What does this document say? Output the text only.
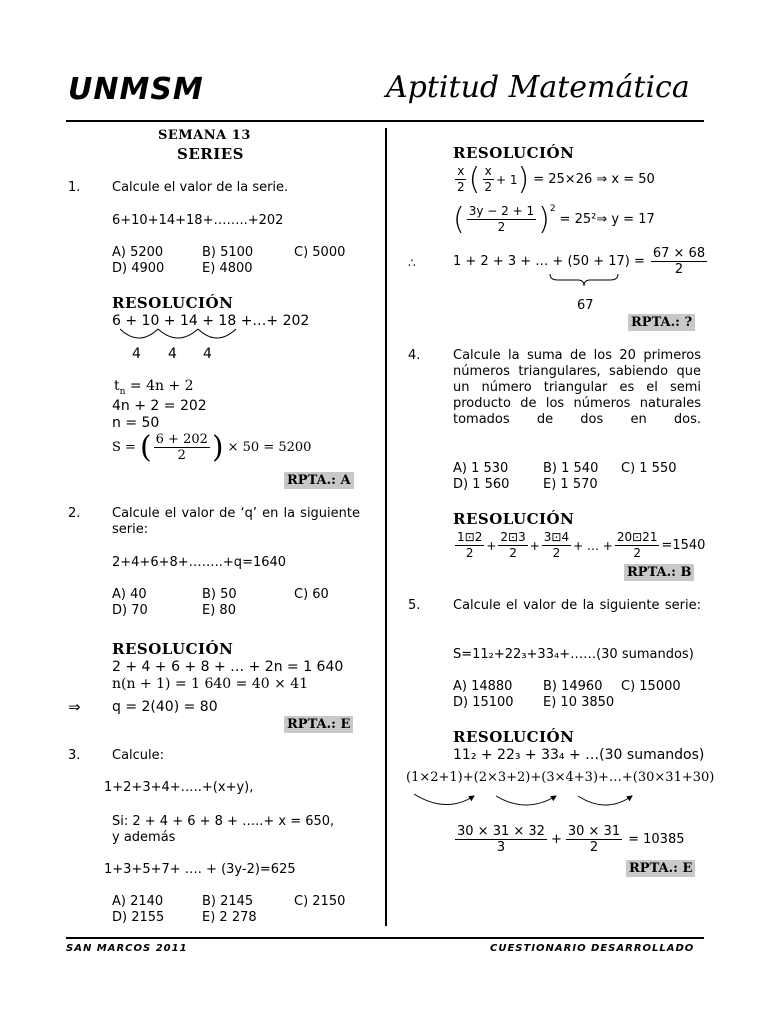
UNMSM	Aptitud Matemática
SEMANA 13
SERIES
1. Calcule el valor de la serie.
6+10+14+18+……..+202
A) 5200	B) 5100	C) 5000
D) 4900	E) 4800
RESOLUCIÓN
6 + 10 + 14 + 18 +…+ 202
4 4 4
$t_n = 4n + 2$
4n + 2 = 202
n = 50
S = ( $\frac{6 + 202}{2}$ ) × 50 = 5200
RPTA.: A
2. Calcule el valor de ‘q’ en la siguiente serie:
2+4+6+8+……..+q=1640
A) 40	B) 50	C) 60
D) 70	E) 80
RESOLUCIÓN
2 + 4 + 6 + 8 + … + 2n = 1 640
n(n + 1) = 1 640 = 40 × 41
⇒ q = 2(40) = 80
RPTA.: E
3. Calcule:
1+2+3+4+…..+(x+y),
Si: 2 + 4 + 6 + 8 + …..+ x = 650,
y además
1+3+5+7+ …. + (3y-2)=625
A) 2140	B) 2145	C) 2150
D) 2155	E) 2 278
RESOLUCIÓN
$\frac{x}{2}$ ( $\frac{x}{2} + 1$ ) = 25×26 ⇒ x = 50
( $\frac{3y - 2 + 1}{2} )^2$
= 25²⇒ y = 17
∴	1 + 2 + 3 + … + $(50 + 17) = \frac{67 \times 68}{2}$
67
RPTA.: ?
4.	Calcule la suma de los 20 primeros números triangulares, sabiendo que un número triangular es el semi producto de los números naturales tomados de dos en dos.
A) 1 530	B) 1 540	C) 1 550
D) 1 560	E) 1 570
RESOLUCIÓN
$\frac{1⊡2}{2} + \frac{2⊡3}{2} + \frac{3⊡4}{2}$ + … + $\frac{20⊡21}{2} =1540$
RPTA.: B
5.	Calcule el valor de la siguiente serie:
S=11₂+22₃+33₄+……(30 sumandos)
A) 14880	B) 14960	C) 15000
D) 15100	E) 10 3850
RESOLUCIÓN
11₂ + 22₃ + 33₄ + …(30 sumandos)
(1×2+1)+(2×3+2)+(3×4+3)+…+(30×31+30)
$\frac{30 \times 31 \times 32}{3} + \frac{30 \times 31}{2} = 10385$
RPTA.: E
SAN MARCOS 2011	CUESTIONARIO DESARROLLADO
